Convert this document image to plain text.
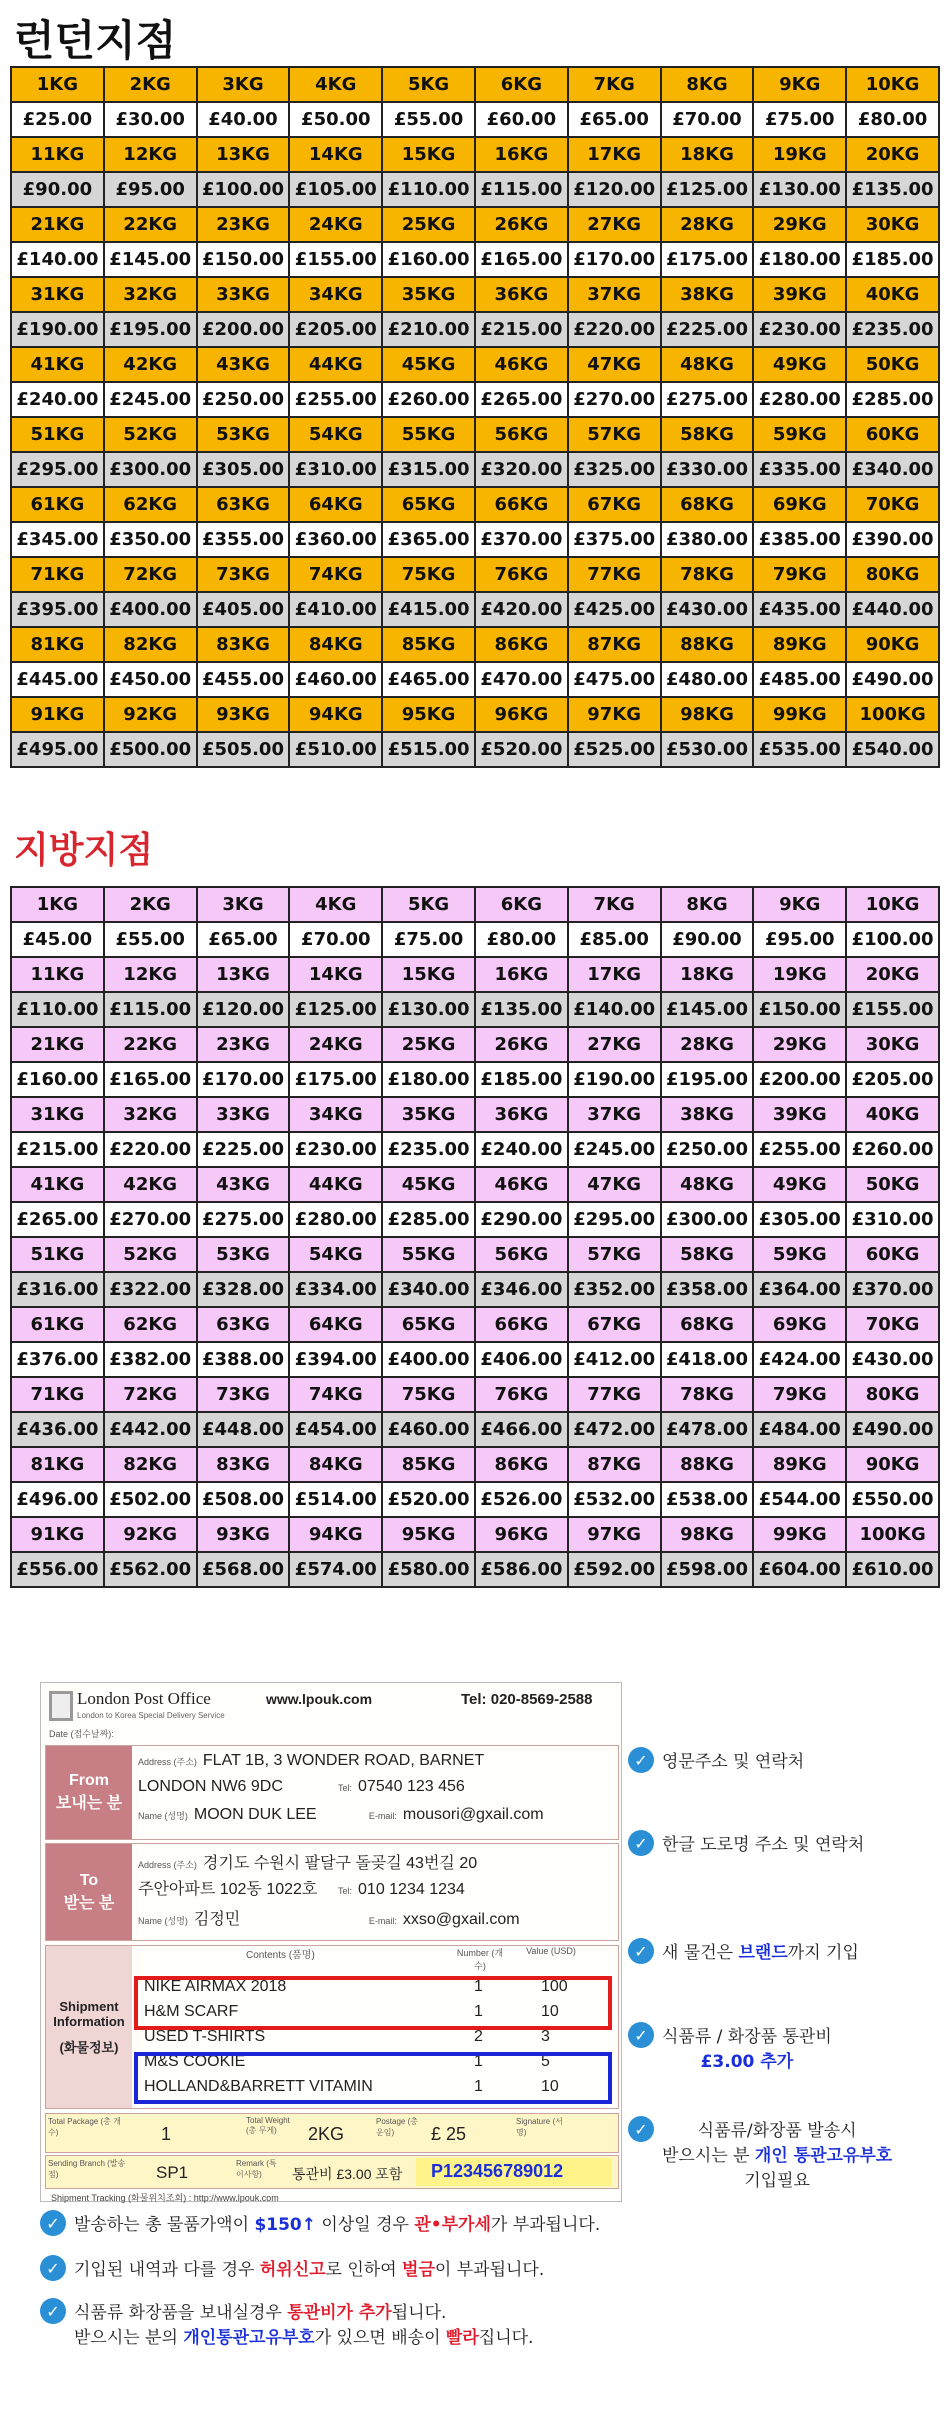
런던지점
1KG	2KG	3KG	4KG	5KG	6KG	7KG	8KG	9KG	10KG
£25.00	£30.00	£40.00	£50.00	£55.00	£60.00	£65.00	£70.00	£75.00	£80.00
11KG	12KG	13KG	14KG	15KG	16KG	17KG	18KG	19KG	20KG
£90.00	£95.00	£100.00	£105.00	£110.00	£115.00	£120.00	£125.00	£130.00	£135.00
21KG	22KG	23KG	24KG	25KG	26KG	27KG	28KG	29KG	30KG
£140.00	£145.00	£150.00	£155.00	£160.00	£165.00	£170.00	£175.00	£180.00	£185.00
31KG	32KG	33KG	34KG	35KG	36KG	37KG	38KG	39KG	40KG
£190.00	£195.00	£200.00	£205.00	£210.00	£215.00	£220.00	£225.00	£230.00	£235.00
41KG	42KG	43KG	44KG	45KG	46KG	47KG	48KG	49KG	50KG
£240.00	£245.00	£250.00	£255.00	£260.00	£265.00	£270.00	£275.00	£280.00	£285.00
51KG	52KG	53KG	54KG	55KG	56KG	57KG	58KG	59KG	60KG
£295.00	£300.00	£305.00	£310.00	£315.00	£320.00	£325.00	£330.00	£335.00	£340.00
61KG	62KG	63KG	64KG	65KG	66KG	67KG	68KG	69KG	70KG
£345.00	£350.00	£355.00	£360.00	£365.00	£370.00	£375.00	£380.00	£385.00	£390.00
71KG	72KG	73KG	74KG	75KG	76KG	77KG	78KG	79KG	80KG
£395.00	£400.00	£405.00	£410.00	£415.00	£420.00	£425.00	£430.00	£435.00	£440.00
81KG	82KG	83KG	84KG	85KG	86KG	87KG	88KG	89KG	90KG
£445.00	£450.00	£455.00	£460.00	£465.00	£470.00	£475.00	£480.00	£485.00	£490.00
91KG	92KG	93KG	94KG	95KG	96KG	97KG	98KG	99KG	100KG
£495.00	£500.00	£505.00	£510.00	£515.00	£520.00	£525.00	£530.00	£535.00	£540.00
지방지점
1KG	2KG	3KG	4KG	5KG	6KG	7KG	8KG	9KG	10KG
£45.00	£55.00	£65.00	£70.00	£75.00	£80.00	£85.00	£90.00	£95.00	£100.00
11KG	12KG	13KG	14KG	15KG	16KG	17KG	18KG	19KG	20KG
£110.00	£115.00	£120.00	£125.00	£130.00	£135.00	£140.00	£145.00	£150.00	£155.00
21KG	22KG	23KG	24KG	25KG	26KG	27KG	28KG	29KG	30KG
£160.00	£165.00	£170.00	£175.00	£180.00	£185.00	£190.00	£195.00	£200.00	£205.00
31KG	32KG	33KG	34KG	35KG	36KG	37KG	38KG	39KG	40KG
£215.00	£220.00	£225.00	£230.00	£235.00	£240.00	£245.00	£250.00	£255.00	£260.00
41KG	42KG	43KG	44KG	45KG	46KG	47KG	48KG	49KG	50KG
£265.00	£270.00	£275.00	£280.00	£285.00	£290.00	£295.00	£300.00	£305.00	£310.00
51KG	52KG	53KG	54KG	55KG	56KG	57KG	58KG	59KG	60KG
£316.00	£322.00	£328.00	£334.00	£340.00	£346.00	£352.00	£358.00	£364.00	£370.00
61KG	62KG	63KG	64KG	65KG	66KG	67KG	68KG	69KG	70KG
£376.00	£382.00	£388.00	£394.00	£400.00	£406.00	£412.00	£418.00	£424.00	£430.00
71KG	72KG	73KG	74KG	75KG	76KG	77KG	78KG	79KG	80KG
£436.00	£442.00	£448.00	£454.00	£460.00	£466.00	£472.00	£478.00	£484.00	£490.00
81KG	82KG	83KG	84KG	85KG	86KG	87KG	88KG	89KG	90KG
£496.00	£502.00	£508.00	£514.00	£520.00	£526.00	£532.00	£538.00	£544.00	£550.00
91KG	92KG	93KG	94KG	95KG	96KG	97KG	98KG	99KG	100KG
£556.00	£562.00	£568.00	£574.00	£580.00	£586.00	£592.00	£598.00	£604.00	£610.00
London Post Office
London to Korea Special Delivery Service
www.lpouk.com	Tel: 020-8569-2588
Date (접수날짜):
From
보내는 분
Address (주소) FLAT 1B, 3 WONDER ROAD, BARNET
LONDON NW6 9DC	Tel: 07540 123 456
Name (성명) MOON DUK LEE	E-mail: mousori@gxail.com
To
받는 분
Address (주소) 경기도 수원시 팔달구 돌곶길 43번길 20
주안아파트 102동 1022호 Tel: 010 1234 1234
Name (성명) 김정민	E-mail: xxso@gxail.com
Shipment Information
(화물정보)
Contents (품명)	Number (개수)
Value (USD)
NIKE AIRMAX 2018	1	100
H&M SCARF	1	10
USED T-SHIRTS	2	3
M&S COOKIE	1	5
HOLLAND&BARRETT VITAMIN	1	10
Total Package (총 개수)	1
Total Weight (총 무게)	2KG
Postage (총 운임)	£ 25
Signature (서명)
Sending Branch (발송점)	SP1	Remark (특이사항)	통관비 £3.00 포함 P123456789012
Shipment Tracking (화물위치조회) : http://www.lpouk.com
✓ 영문주소 및 연락처
✓ 한글 도로명 주소 및 연락처
✓ 새 물건은 브랜드까지 기입
✓ 식품류 / 화장품 통관비
£3.00 추가
✓	식품류/화장품 발송시
받으시는 분 개인 통관고유부호
기입필요
✓ 발송하는 총 물품가액이 $150↑ 이상일 경우 관•부가세가 부과됩니다.
✓ 기입된 내역과 다를 경우 허위신고로 인하여 벌금이 부과됩니다.
✓ 식품류 화장품을 보내실경우 통관비가 추가됩니다.
받으시는 분의 개인통관고유부호가 있으면 배송이 빨라집니다.
